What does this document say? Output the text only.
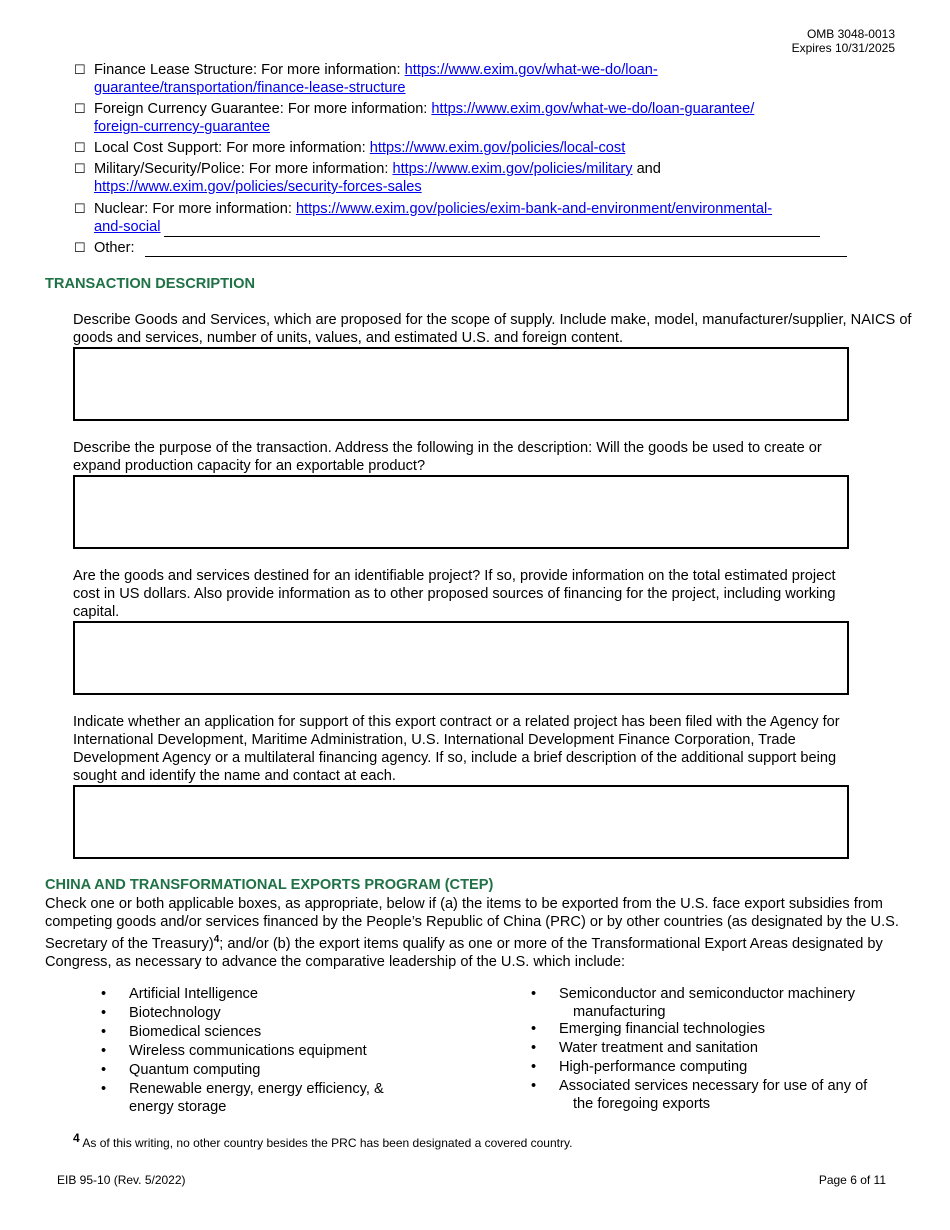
OMB 3048-0013
Expires 10/31/2025
☐ Finance Lease Structure: For more information: https://www.exim.gov/what-we-do/loan-
guarantee/transportation/finance-lease-structure
☐ Foreign Currency Guarantee: For more information: https://www.exim.gov/what-we-do/loan-guarantee/
foreign-currency-guarantee
☐ Local Cost Support: For more information: https://www.exim.gov/policies/local-cost
☐ Military/Security/Police: For more information: https://www.exim.gov/policies/military and
https://www.exim.gov/policies/security-forces-sales
☐ Nuclear: For more information: https://www.exim.gov/policies/exim-bank-and-environment/environmental-
and-social
☐ Other:
TRANSACTION DESCRIPTION
Describe Goods and Services, which are proposed for the scope of supply. Include make, model, manufacturer/supplier, NAICS of goods and services, number of units, values, and estimated U.S. and foreign content.
Describe the purpose of the transaction. Address the following in the description: Will the goods be used to create or expand production capacity for an exportable product?
Are the goods and services destined for an identifiable project? If so, provide information on the total estimated project cost in US dollars. Also provide information as to other proposed sources of financing for the project, including working capital.
Indicate whether an application for support of this export contract or a related project has been filed with the Agency for International Development, Maritime Administration, U.S. International Development Finance Corporation, Trade Development Agency or a multilateral financing agency. If so, include a brief description of the additional support being sought and identify the name and contact at each.
CHINA AND TRANSFORMATIONAL EXPORTS PROGRAM (CTEP)
Check one or both applicable boxes, as appropriate, below if (a) the items to be exported from the U.S. face export subsidies from competing goods and/or services financed by the People’s Republic of China (PRC) or by other countries (as designated by the U.S. Secretary of the Treasury)$^4$; and/or (b) the export items qualify as one or more of the Transformational Export Areas designated by Congress, as necessary to advance the comparative leadership of the U.S. which include:
• Artificial Intelligence
• Biotechnology
• Biomedical sciences
• Wireless communications equipment
• Quantum computing
• Renewable energy, energy efficiency, &
energy storage
• Semiconductor and semiconductor machinery
manufacturing
• Emerging financial technologies
• Water treatment and sanitation
• High-performance computing
• Associated services necessary for use of any of
the foregoing exports
$^4$ As of this writing, no other country besides the PRC has been designated a covered country.
EIB 95-10 (Rev. 5/2022)	Page 6 of 11
